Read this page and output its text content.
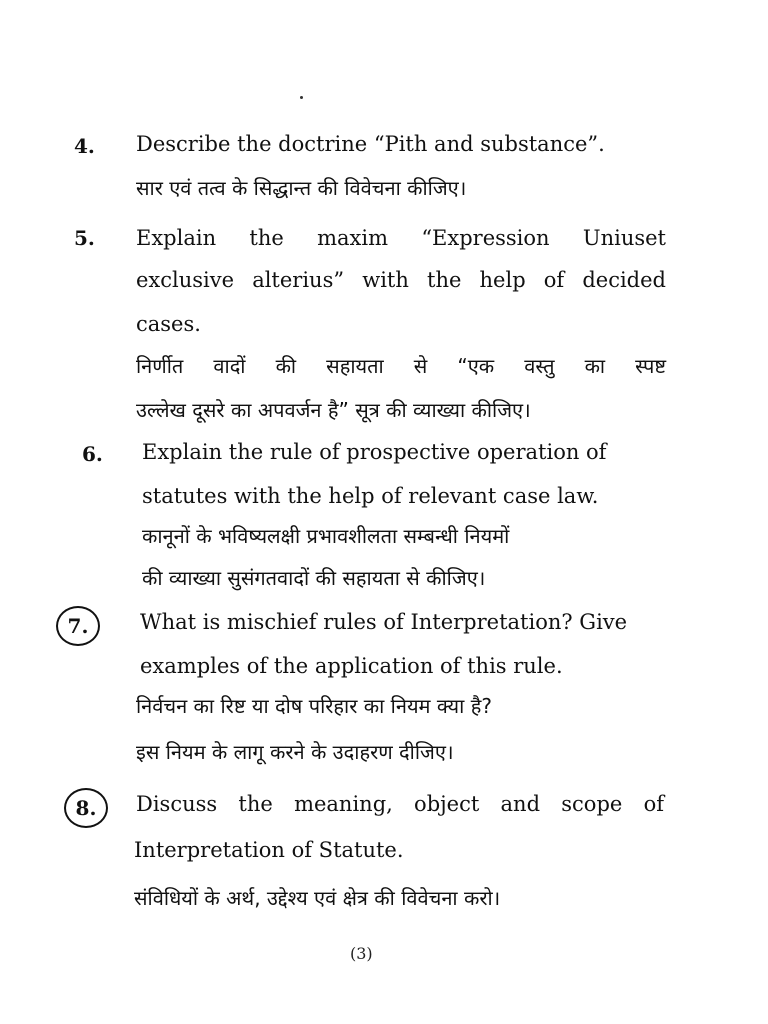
4. Describe the doctrine “Pith and substance”.
सार एवं तत्व के सिद्धान्त की विवेचना कीजिए।
5. Explain the maxim “Expression Uniuset
exclusive alterius” with the help of decided
cases.
निर्णीत वादों की सहायता से “एक वस्तु का स्पष्ट
उल्लेख दूसरे का अपवर्जन है” सूत्र की व्याख्या कीजिए।
6. Explain the rule of prospective operation of
statutes with the help of relevant case law.
कानूनों के भविष्यलक्षी प्रभावशीलता सम्बन्धी नियमों
की व्याख्या सुसंगतवादों की सहायता से कीजिए।
7.	What is mischief rules of Interpretation? Give
examples of the application of this rule.
निर्वचन का रिष्ट या दोष परिहार का नियम क्या है?
इस नियम के लागू करने के उदाहरण दीजिए।
8.	Discuss the meaning, object and scope of
Interpretation of Statute.
संविधियों के अर्थ, उद्देश्य एवं क्षेत्र की विवेचना करो।
(3)
